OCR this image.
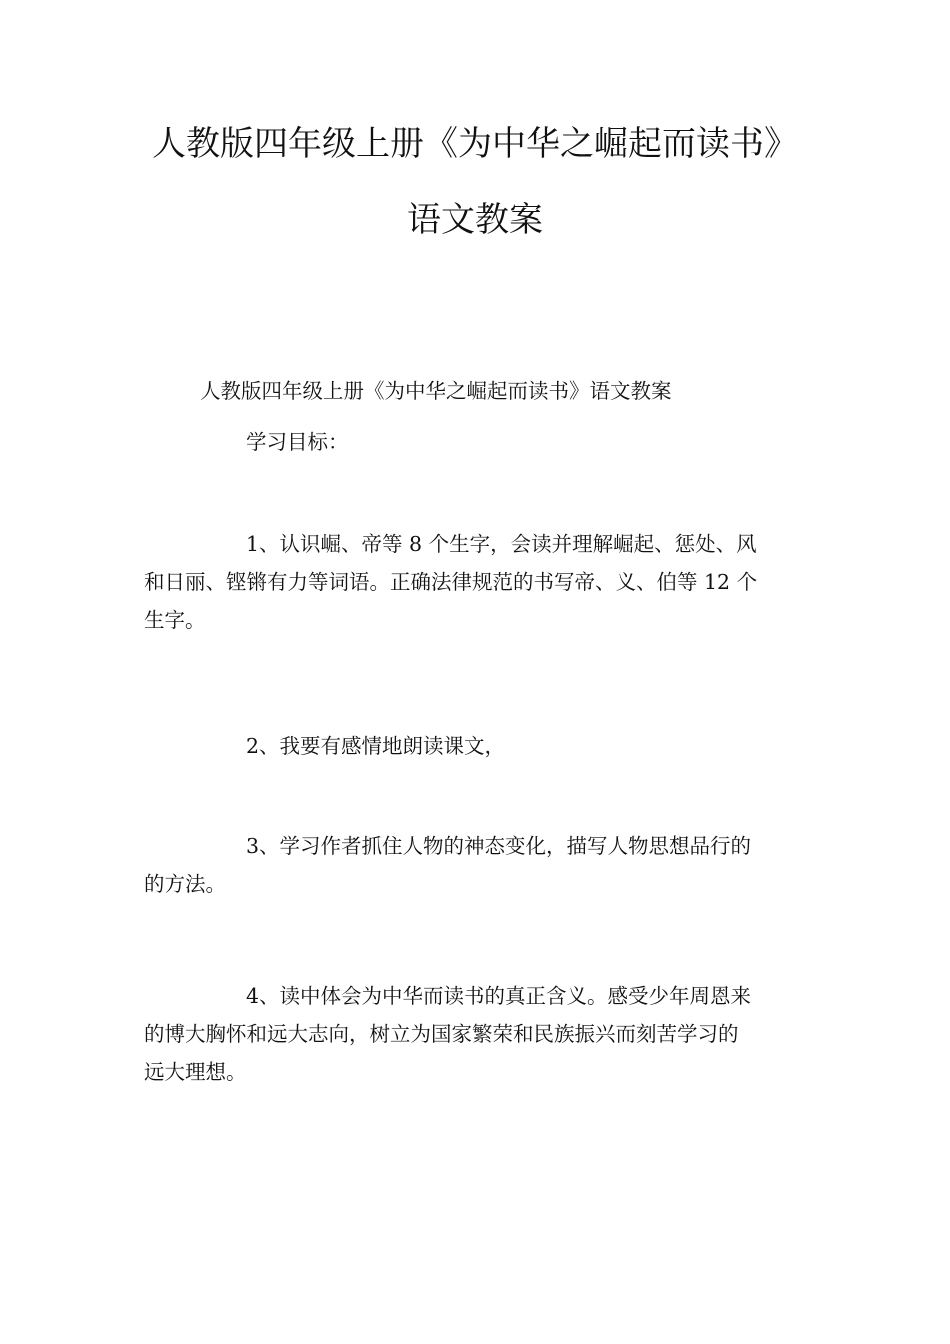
人教版四年级上册《为中华之崛起而读书》
语文教案
人教版四年级上册《为中华之崛起而读书》语文教案
学习目标：
1、认识崛、帝等 8 个生字，会读并理解崛起、惩处、风
和日丽、铿锵有力等词语。正确法律规范的书写帝、义、伯等 12 个
生字。
2、我要有感情地朗读课文，
3、学习作者抓住人物的神态变化，描写人物思想品行的
的方法。
4、读中体会为中华而读书的真正含义。感受少年周恩来
的博大胸怀和远大志向，树立为国家繁荣和民族振兴而刻苦学习的
远大理想。
